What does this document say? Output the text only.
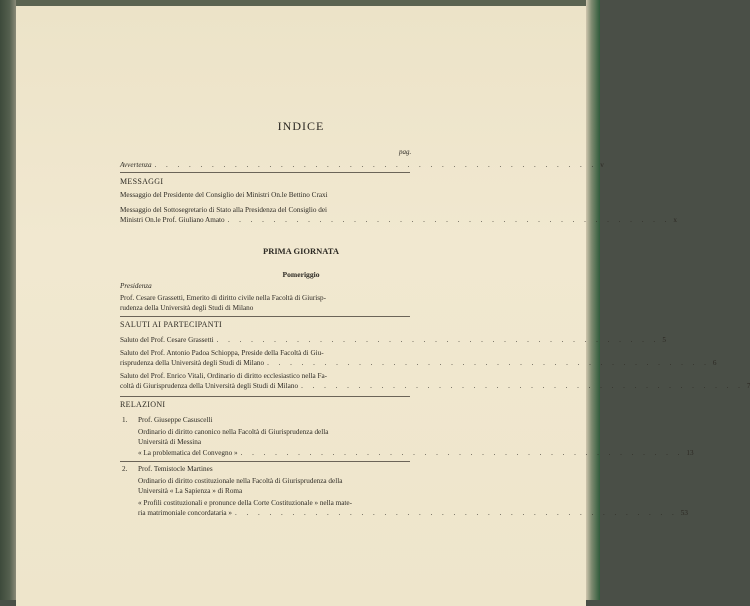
INDICE
pag.
Avvertenza . . . . . . . . . . . . . . . . . . . . . . . . . . . . . . . . . . . . . . . v
MESSAGGI
Messaggio del Presidente del Consiglio dei Ministri On.le Bettino Craxi
Messaggio del Sottosegretario di Stato alla Presidenza del Consiglio dei
Ministri On.le Prof. Giuliano Amato . . . . . . . . . . . . . . . . . . . . . . . . . . . . . . . . . . . . . . . x
PRIMA GIORNATA
Pomeriggio
Presidenza
Prof. Cesare Grassetti, Emerito di diritto civile nella Facoltà di Giurisp-
rudenza della Università degli Studi di Milano
SALUTI AI PARTECIPANTI
Saluto del Prof. Cesare Grassetti . . . . . . . . . . . . . . . . . . . . . . . . . . . . . . . . . . . . . . . 5
Saluto del Prof. Antonio Padoa Schioppa, Preside della Facoltà di Giu-
risprudenza della Università degli Studi di Milano . . . . . . . . . . . . . . . . . . . . . . . . . . . . . . . . . . . . . . . 6
Saluto del Prof. Enrico Vitali, Ordinario di diritto ecclesiastico nella Fa-
coltà di Giurisprudenza della Università degli Studi di Milano . . . . . . . . . . . . . . . . . . . . . . . . . . . . . . . . . . . . . . . 7
RELAZIONI
1. Prof. Giuseppe Casuscelli
Ordinario di diritto canonico nella Facoltà di Giurisprudenza della
Università di Messina
« La problematica del Convegno » . . . . . . . . . . . . . . . . . . . . . . . . . . . . . . . . . . . . . . . 13
2. Prof. Temistocle Martines
Ordinario di diritto costituzionale nella Facoltà di Giurisprudenza della
Università « La Sapienza » di Roma
« Profili costituzionali e pronunce della Corte Costituzionale » nella mate-
ria matrimoniale concordataria » . . . . . . . . . . . . . . . . . . . . . . . . . . . . . . . . . . . . . . . 53
